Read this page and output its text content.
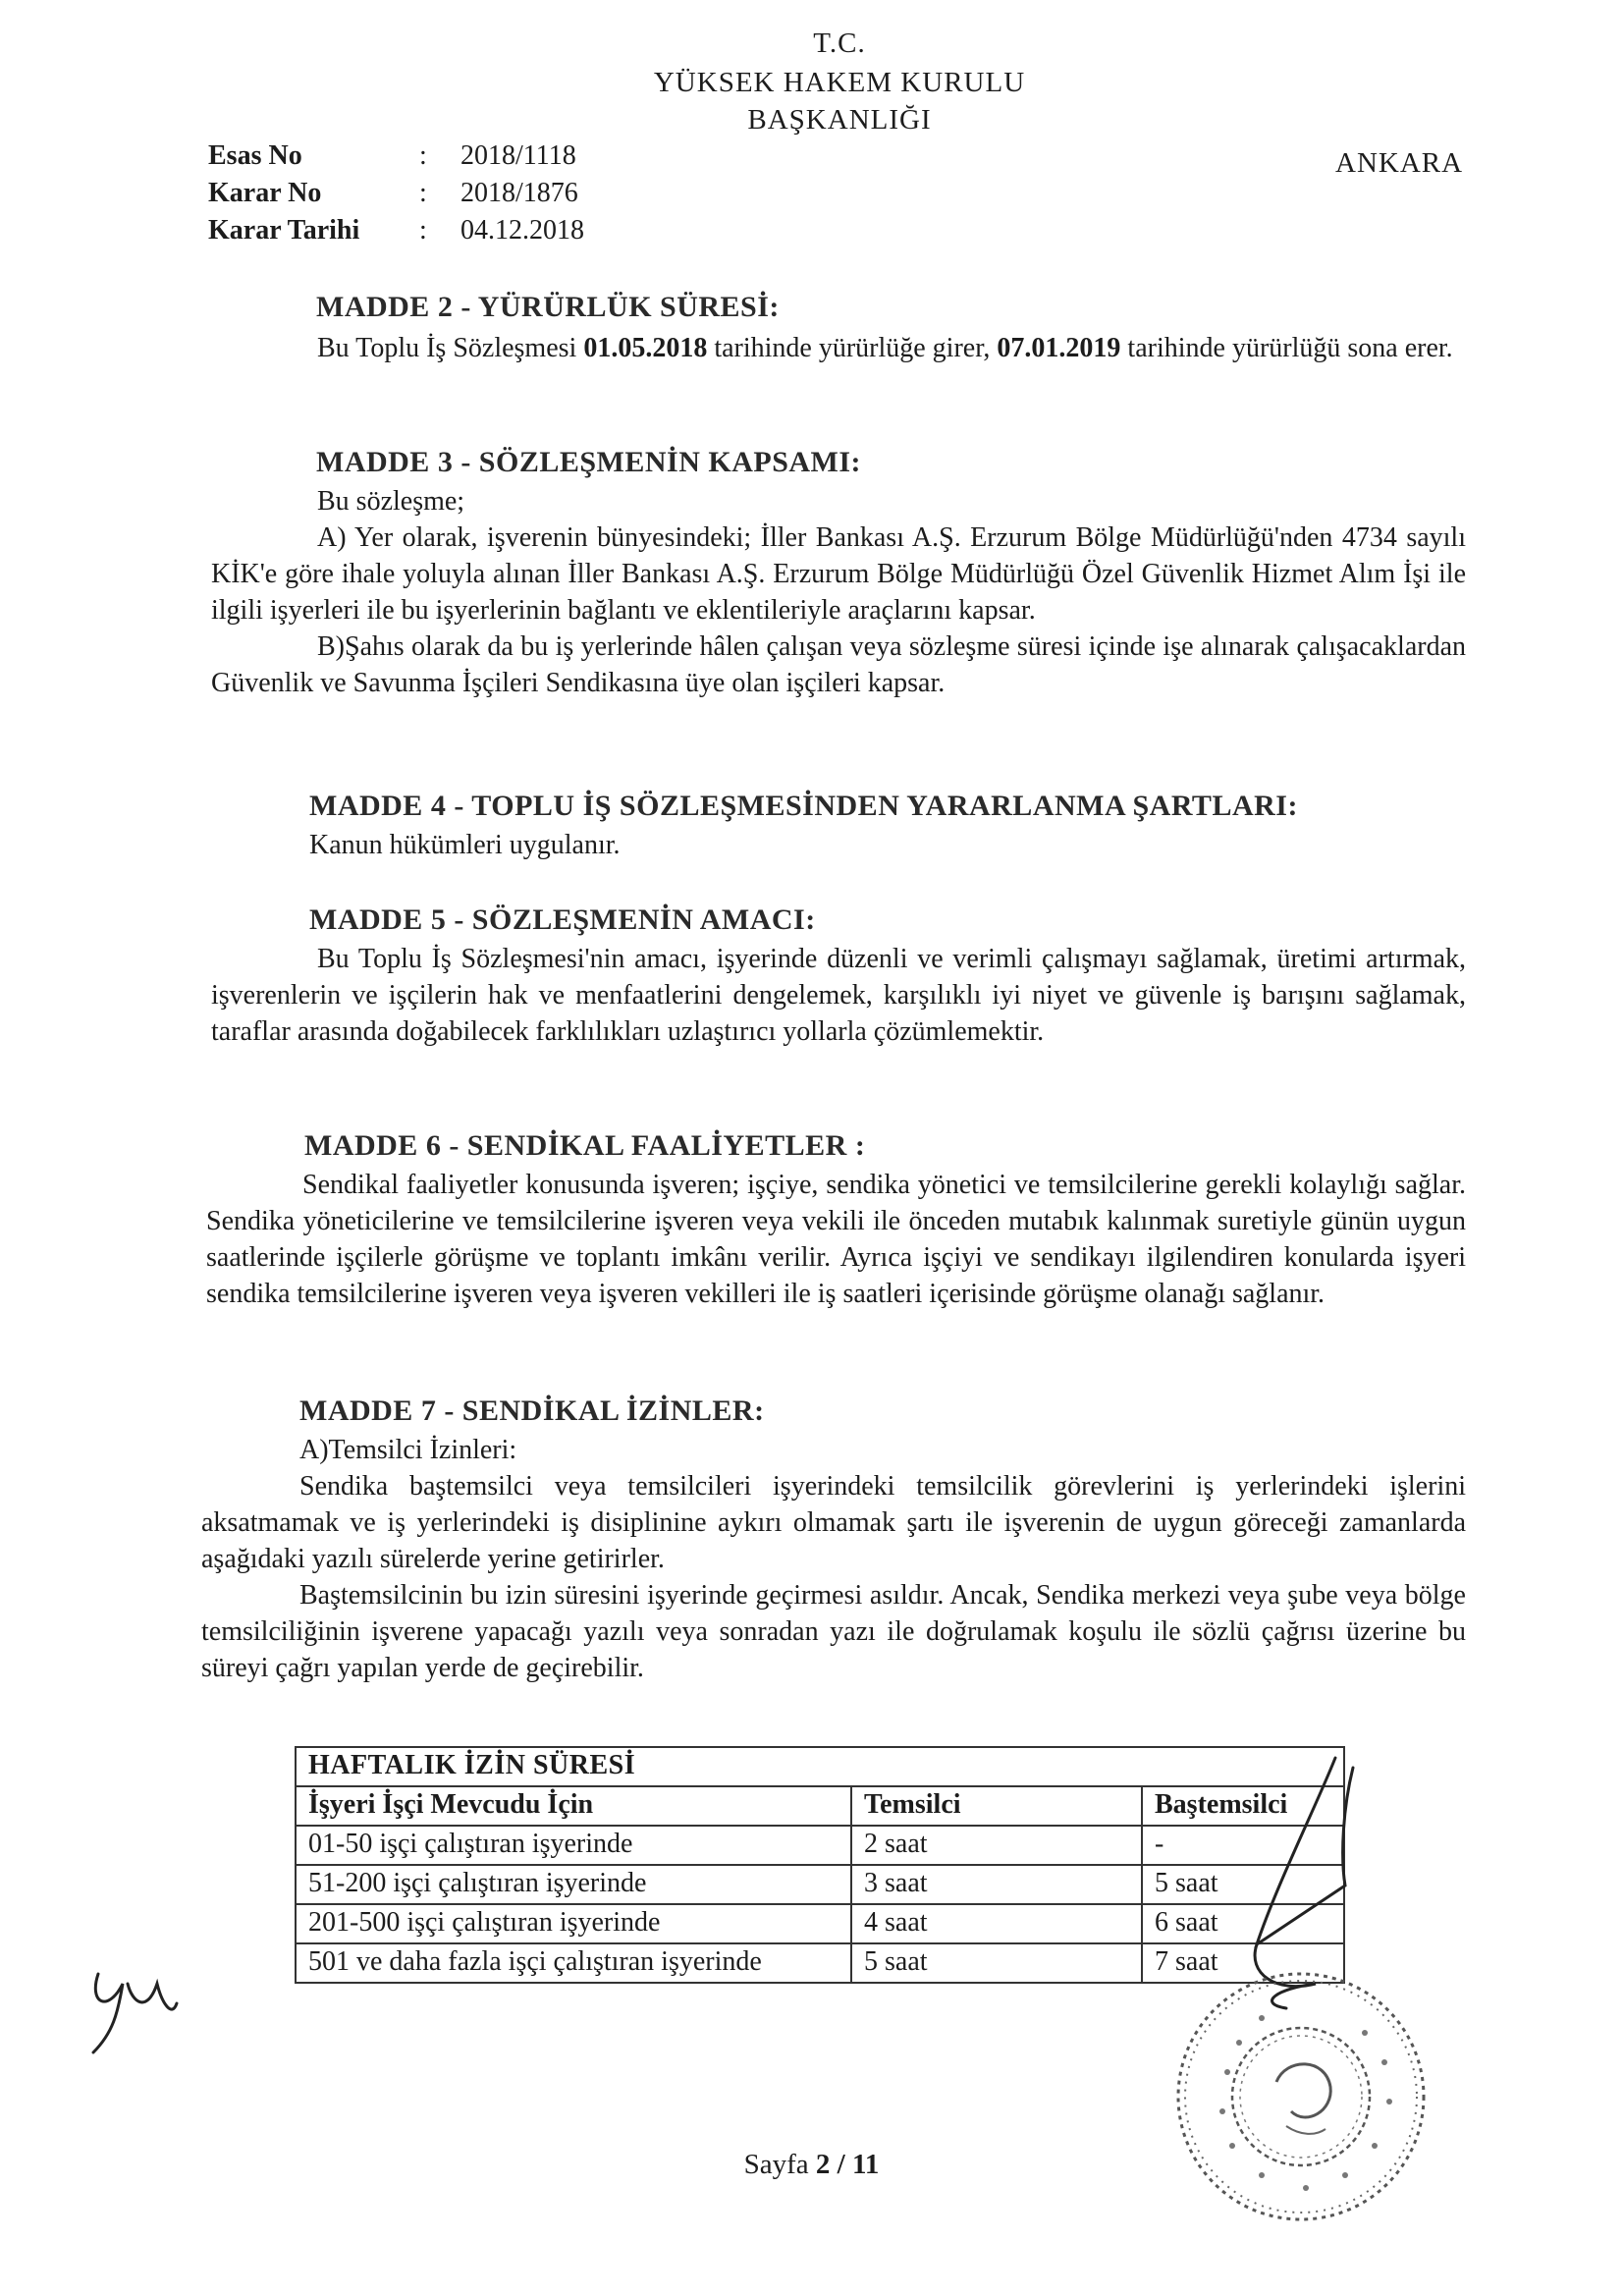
T.C.
YÜKSEK HAKEM KURULU
BAŞKANLIĞI
ANKARA
Esas No	: 2018/1118
Karar No	: 2018/1876
Karar Tarihi : 04.12.2018
MADDE 2 - YÜRÜRLÜK SÜRESİ:

Bu Toplu İş Sözleşmesi 01.05.2018 tarihinde yürürlüğe girer, 07.01.2019 tarihinde yürürlüğü sona erer.

MADDE 3 - SÖZLEŞMENİN KAPSAMI:

Bu sözleşme;

A) Yer olarak, işverenin bünyesindeki; İller Bankası A.Ş. Erzurum Bölge Müdürlüğü'nden 4734 sayılı KİK'e göre ihale yoluyla alınan İller Bankası A.Ş. Erzurum Bölge Müdürlüğü Özel Güvenlik Hizmet Alım İşi ile ilgili işyerleri ile bu işyerlerinin bağlantı ve eklentileriyle araçlarını kapsar.

B)Şahıs olarak da bu iş yerlerinde hâlen çalışan veya sözleşme süresi içinde işe alınarak çalışacaklardan Güvenlik ve Savunma İşçileri Sendikasına üye olan işçileri kapsar.

MADDE 4 - TOPLU İŞ SÖZLEŞMESİNDEN YARARLANMA ŞARTLARI:

Kanun hükümleri uygulanır.

MADDE 5 - SÖZLEŞMENİN AMACI:

Bu Toplu İş Sözleşmesi'nin amacı, işyerinde düzenli ve verimli çalışmayı sağlamak, üretimi artırmak, işverenlerin ve işçilerin hak ve menfaatlerini dengelemek, karşılıklı iyi niyet ve güvenle iş barışını sağlamak, taraflar arasında doğabilecek farklılıkları uzlaştırıcı yollarla çözümlemektir.

MADDE 6 - SENDİKAL FAALİYETLER :

Sendikal faaliyetler konusunda işveren; işçiye, sendika yönetici ve temsilcilerine gerekli kolaylığı sağlar. Sendika yöneticilerine ve temsilcilerine işveren veya vekili ile önceden mutabık kalınmak suretiyle günün uygun saatlerinde işçilerle görüşme ve toplantı imkânı verilir. Ayrıca işçiyi ve sendikayı ilgilendiren konularda işyeri sendika temsilcilerine işveren veya işveren vekilleri ile iş saatleri içerisinde görüşme olanağı sağlanır.

MADDE 7 - SENDİKAL İZİNLER:

A)Temsilci İzinleri:

Sendika baştemsilci veya temsilcileri işyerindeki temsilcilik görevlerini iş yerlerindeki işlerini aksatmamak ve iş yerlerindeki iş disiplinine aykırı olmamak şartı ile işverenin de uygun göreceği zamanlarda aşağıdaki yazılı sürelerde yerine getirirler.

Baştemsilcinin bu izin süresini işyerinde geçirmesi asıldır. Ancak, Sendika merkezi veya şube veya bölge temsilciliğinin işverene yapacağı yazılı veya sonradan yazı ile doğrulamak koşulu ile sözlü çağrısı üzerine bu süreyi çağrı yapılan yerde de geçirebilir.

HAFTALIK İZİN SÜRESİ		
İşyeri İşçi Mevcudu İçin	Temsilci	Baştemsilci
01-50 işçi çalıştıran işyerinde	2 saat	-
51-200 işçi çalıştıran işyerinde	3 saat	5 saat
201-500 işçi çalıştıran işyerinde	4 saat	6 saat
501 ve daha fazla işçi çalıştıran işyerinde	5 saat	7 saat
Sayfa 2 / 11
